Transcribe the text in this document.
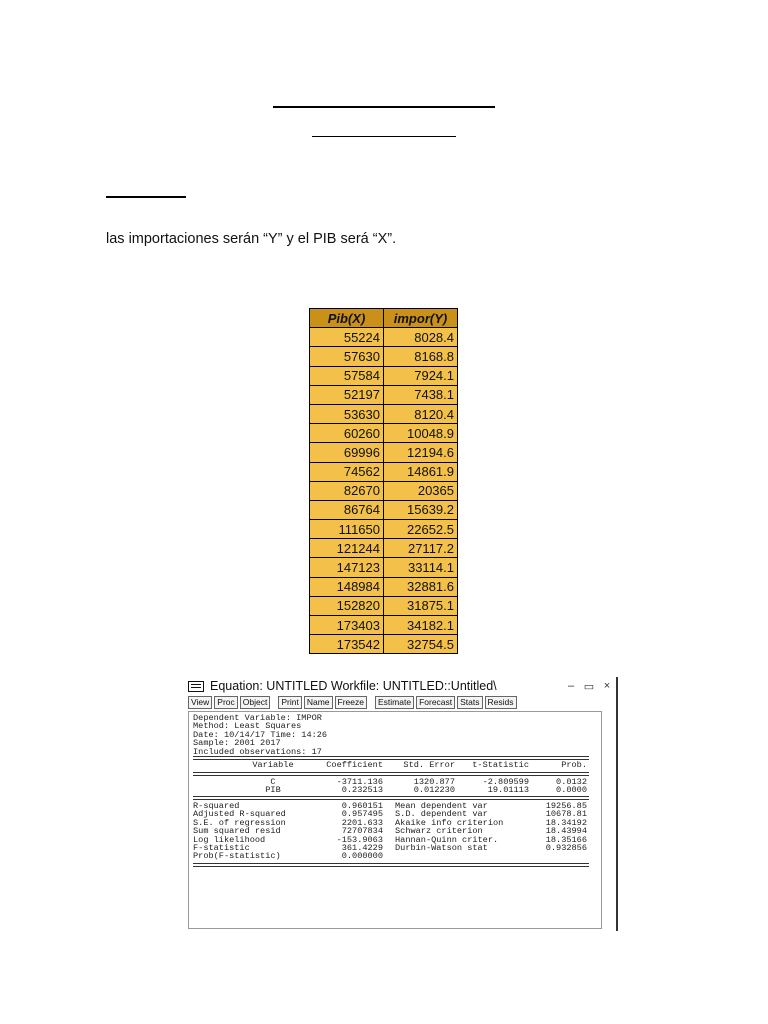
las importaciones serán “Y” y el PIB será “X”.
Pib(X)	impor(Y)
55224	8028.4
57630	8168.8
57584	7924.1
52197	7438.1
53630	8120.4
60260	10048.9
69996	12194.6
74562	14861.9
82670	20365
86764	15639.2
111650	22652.5
121244	27117.2
147123	33114.1
148984	32881.6
152820	31875.1
173403	34182.1
173542	32754.5
Equation: UNTITLED Workfile: UNTITLED::Untitled\	– ▭ ×
View Proc Object	Print Name Freeze	Estimate Forecast Stats Resids
Dependent Variable: IMPOR
Method: Least Squares
Date: 10/14/17 Time: 14:26
Sample: 2001 2017
Included observations: 17
Variable	Coefficient	Std. Error	t-Statistic	Prob.
C	-3711.136	1320.877	-2.809599	0.0132
PIB	0.232513	0.012230	19.01113	0.0000
R-squared	0.960151 Mean dependent var	19256.85
Adjusted R-squared	0.957495 S.D. dependent var	10678.81
S.E. of regression	2201.633 Akaike info criterion	18.34192
Sum squared resid	72707834 Schwarz criterion	18.43994
Log likelihood	-153.9063 Hannan-Quinn criter.	18.35166
F-statistic	361.4229 Durbin-Watson stat	0.932856
Prob(F-statistic)	0.000000
